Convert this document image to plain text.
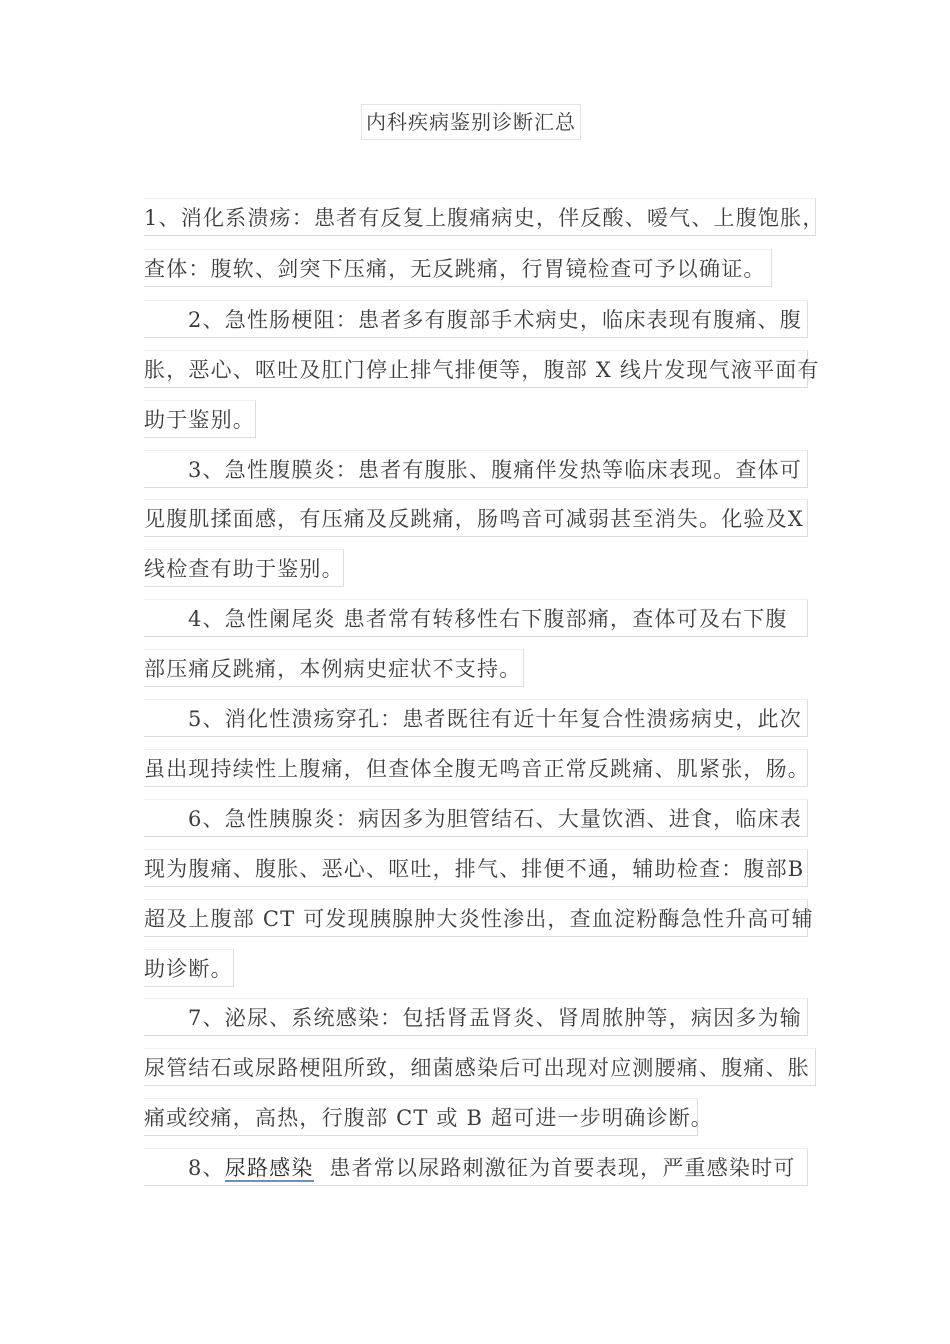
内科疾病鉴别诊断汇总
1、消化系溃疡：患者有反复上腹痛病史，伴反酸、嗳气、上腹饱胀，
查体：腹软、剑突下压痛，无反跳痛，行胃镜检查可予以确证。
2、急性肠梗阻：患者多有腹部手术病史，临床表现有腹痛、腹
胀，恶心、呕吐及肛门停止排气排便等，腹部 X 线片发现气液平面有
助于鉴别。
3、急性腹膜炎：患者有腹胀、腹痛伴发热等临床表现。查体可
见腹肌揉面感，有压痛及反跳痛，肠鸣音可减弱甚至消失。化验及X
线检查有助于鉴别。
4、急性阑尾炎 患者常有转移性右下腹部痛，查体可及右下腹
部压痛反跳痛，本例病史症状不支持。
5、消化性溃疡穿孔：患者既往有近十年复合性溃疡病史，此次
虽出现持续性上腹痛，但查体全腹无鸣音正常反跳痛、肌紧张，肠。
6、急性胰腺炎：病因多为胆管结石、大量饮酒、进食，临床表
现为腹痛、腹胀、恶心、呕吐，排气、排便不通，辅助检查：腹部B
超及上腹部 CT 可发现胰腺肿大炎性渗出，查血淀粉酶急性升高可辅
助诊断。
7、泌尿、系统感染：包括肾盂肾炎、肾周脓肿等，病因多为输
尿管结石或尿路梗阻所致，细菌感染后可出现对应测腰痛、腹痛、胀
痛或绞痛，高热，行腹部 CT 或 B 超可进一步明确诊断。
8、尿路感染  患者常以尿路刺激征为首要表现，严重感染时可
